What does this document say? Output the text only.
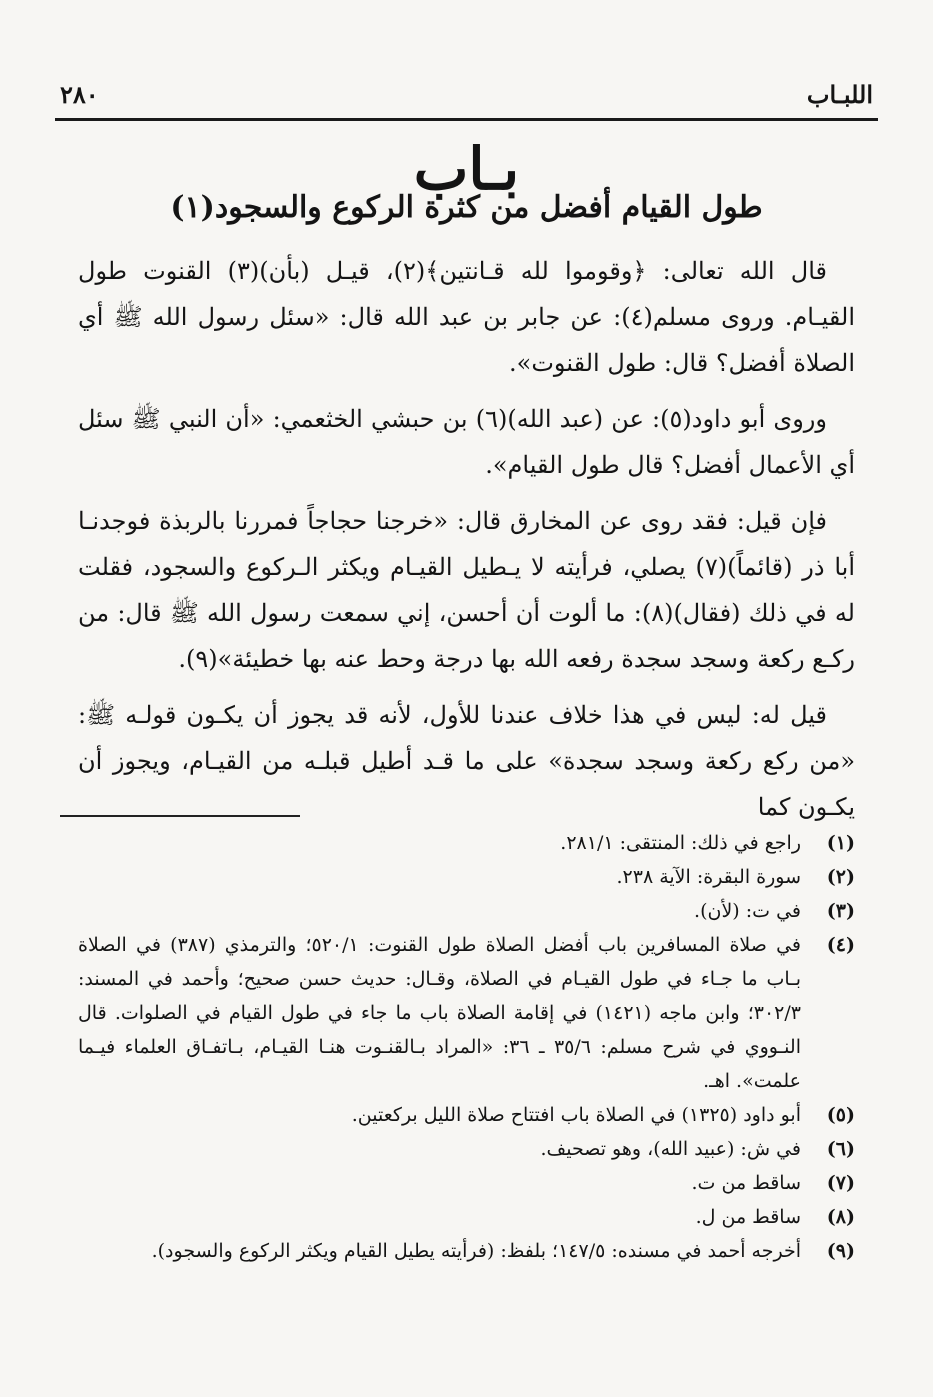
اللبـاب
٢٨٠
بـاب
طول القيام أفضل من كثرة الركوع والسجود(١)

قال الله تعالى: ﴿وقوموا لله قـانتين﴾(٢)، قيـل (بأن)(٣) القنوت طول القيـام. وروى مسلم(٤): عن جابر بن عبد الله قال: «سئل رسول الله ﷺ أي الصلاة أفضل؟ قال: طول القنوت».

وروى أبو داود(٥): عن (عبد الله)(٦) بن حبشي الخثعمي: «أن النبي ﷺ سئل أي الأعمال أفضل؟ قال طول القيام».

فإن قيل: فقد روى عن المخارق قال: «خرجنا حجاجاً فمررنا بالربذة فوجدنـا أبا ذر (قائماً)(٧) يصلي، فرأيته لا يـطيل القيـام ويكثر الـركوع والسجود، فقلت له في ذلك (فقال)(٨): ما ألوت أن أحسن، إني سمعت رسول الله ﷺ قال: من ركـع ركعة وسجد سجدة رفعه الله بها درجة وحط عنه بها خطيئة»(٩).

قيل له: ليس في هذا خلاف عندنا للأول، لأنه قد يجوز أن يكـون قولـه ﷺ: «من ركع ركعة وسجد سجدة» على ما قـد أطيل قبلـه من القيـام، ويجوز أن يكـون كما

(١)
راجع في ذلك: المنتقى: ٢٨١/١.
(٢)
سورة البقرة: الآية ٢٣٨.
(٣)
في ت: (لأن).
(٤)
في صلاة المسافرين باب أفضل الصلاة طول القنوت: ٥٢٠/١؛ والترمذي (٣٨٧) في الصلاة بـاب ما جـاء في طول القيـام في الصلاة، وقـال: حديث حسن صحيح؛ وأحمد في المسند: ٣٠٢/٣؛ وابن ماجه (١٤٢١) في إقامة الصلاة باب ما جاء في طول القيام في الصلوات. قال النـووي في شرح مسلم: ٣٥/٦ ـ ٣٦: «المراد بـالقنـوت هنـا القيـام، بـاتفـاق العلماء فيـما علمت». اهـ.
(٥)
أبو داود (١٣٢٥) في الصلاة باب افتتاح صلاة الليل بركعتين.
(٦)
في ش: (عبيد الله)، وهو تصحيف.
(٧)
ساقط من ت.
(٨)
ساقط من ل.
(٩)
أخرجه أحمد في مسنده: ١٤٧/٥؛ بلفظ: (فرأيته يطيل القيام ويكثر الركوع والسجود).
